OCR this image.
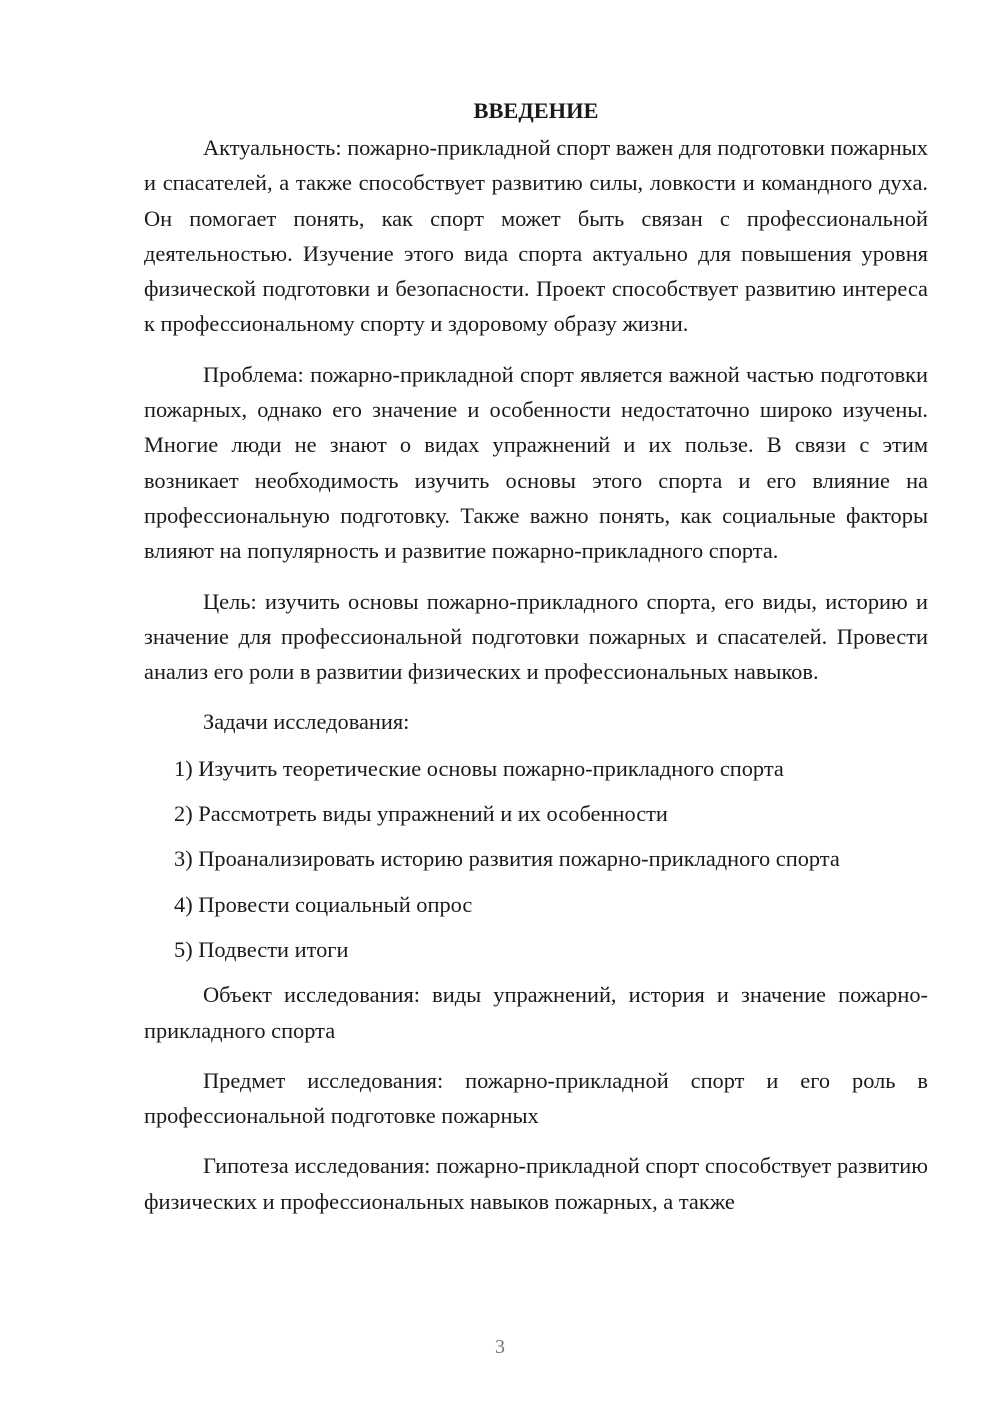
ВВЕДЕНИЕ

Актуальность: пожарно-прикладной спорт важен для подготовки пожарных и спасателей, а также способствует развитию силы, ловкости и командного духа. Он помогает понять, как спорт может быть связан с профессиональной деятельностью. Изучение этого вида спорта актуально для повышения уровня физической подготовки и безопасности. Проект способствует развитию интереса к профессиональному спорту и здоровому образу жизни.

Проблема: пожарно-прикладной спорт является важной частью подготовки пожарных, однако его значение и особенности недостаточно широко изучены. Многие люди не знают о видах упражнений и их пользе. В связи с этим возникает необходимость изучить основы этого спорта и его влияние на профессиональную подготовку. Также важно понять, как социальные факторы влияют на популярность и развитие пожарно-прикладного спорта.

Цель: изучить основы пожарно-прикладного спорта, его виды, историю и значение для профессиональной подготовки пожарных и спасателей. Провести анализ его роли в развитии физических и профессиональных навыков.

Задачи исследования:

1) Изучить теоретические основы пожарно-прикладного спорта
2) Рассмотреть виды упражнений и их особенности
3) Проанализировать историю развития пожарно-прикладного спорта
4) Провести социальный опрос
5) Подвести итоги

Объект исследования: виды упражнений, история и значение пожарно-прикладного спорта

Предмет исследования: пожарно-прикладной спорт и его роль в профессиональной подготовке пожарных

Гипотеза исследования: пожарно-прикладной спорт способствует развитию физических и профессиональных навыков пожарных, а также

3
